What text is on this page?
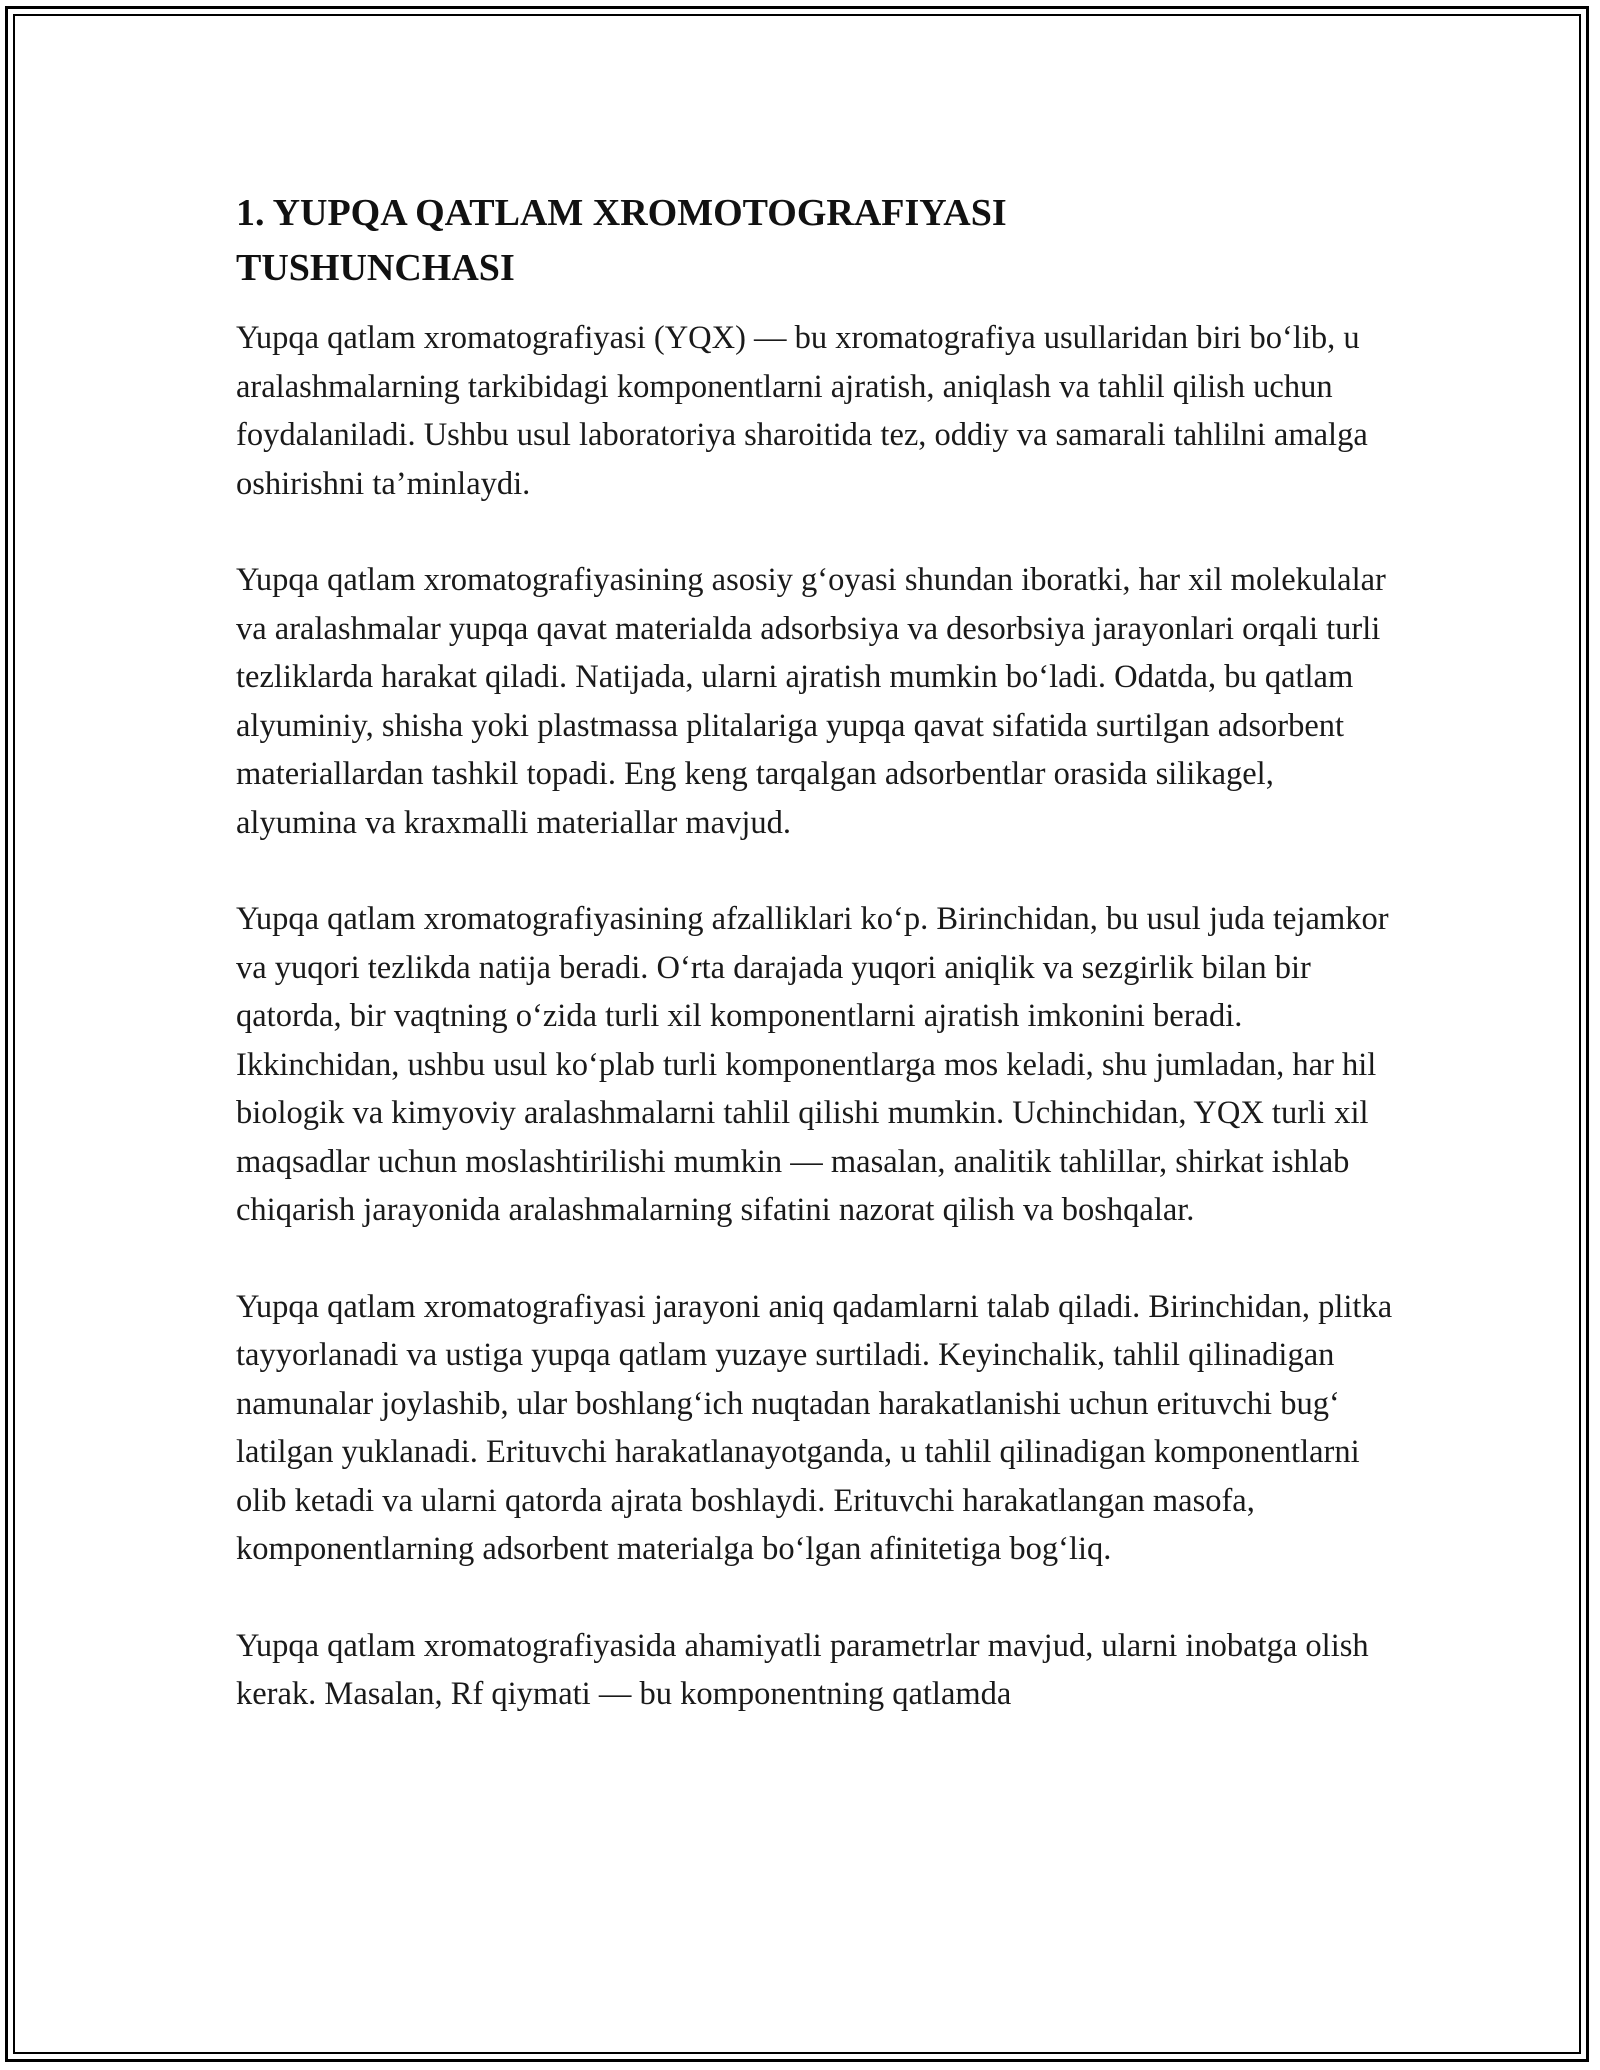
1. YUPQA QATLAM XROMOTOGRAFIYASI TUSHUNCHASI

Yupqa qatlam xromatografiyasi (YQX) — bu xromatografiya usullaridan biri bo‘lib, u aralashmalarning tarkibidagi komponentlarni ajratish, aniqlash va tahlil qilish uchun foydalaniladi. Ushbu usul laboratoriya sharoitida tez, oddiy va samarali tahlilni amalga oshirishni ta’minlaydi.

Yupqa qatlam xromatografiyasining asosiy g‘oyasi shundan iboratki, har xil molekulalar va aralashmalar yupqa qavat materialda adsorbsiya va desorbsiya jarayonlari orqali turli tezliklarda harakat qiladi. Natijada, ularni ajratish mumkin bo‘ladi. Odatda, bu qatlam alyuminiy, shisha yoki plastmassa plitalariga yupqa qavat sifatida surtilgan adsorbent materiallardan tashkil topadi. Eng keng tarqalgan adsorbentlar orasida silikagel, alyumina va kraxmalli materiallar mavjud.

Yupqa qatlam xromatografiyasining afzalliklari ko‘p. Birinchidan, bu usul juda tejamkor va yuqori tezlikda natija beradi. O‘rta darajada yuqori aniqlik va sezgirlik bilan bir qatorda, bir vaqtning o‘zida turli xil komponentlarni ajratish imkonini beradi. Ikkinchidan, ushbu usul ko‘plab turli komponentlarga mos keladi, shu jumladan, har hil biologik va kimyoviy aralashmalarni tahlil qilishi mumkin. Uchinchidan, YQX turli xil maqsadlar uchun moslashtirilishi mumkin — masalan, analitik tahlillar, shirkat ishlab chiqarish jarayonida aralashmalarning sifatini nazorat qilish va boshqalar.

Yupqa qatlam xromatografiyasi jarayoni aniq qadamlarni talab qiladi. Birinchidan, plitka tayyorlanadi va ustiga yupqa qatlam yuzaye surtiladi. Keyinchalik, tahlil qilinadigan namunalar joylashib, ular boshlang‘ich nuqtadan harakatlanishi uchun erituvchi bug‘ latilgan yuklanadi. Erituvchi harakatlanayotganda, u tahlil qilinadigan komponentlarni olib ketadi va ularni qatorda ajrata boshlaydi. Erituvchi harakatlangan masofa, komponentlarning adsorbent materialga bo‘lgan afinitetiga bog‘liq.

Yupqa qatlam xromatografiyasida ahamiyatli parametrlar mavjud, ularni inobatga olish kerak. Masalan, Rf qiymati — bu komponentning qatlamda
